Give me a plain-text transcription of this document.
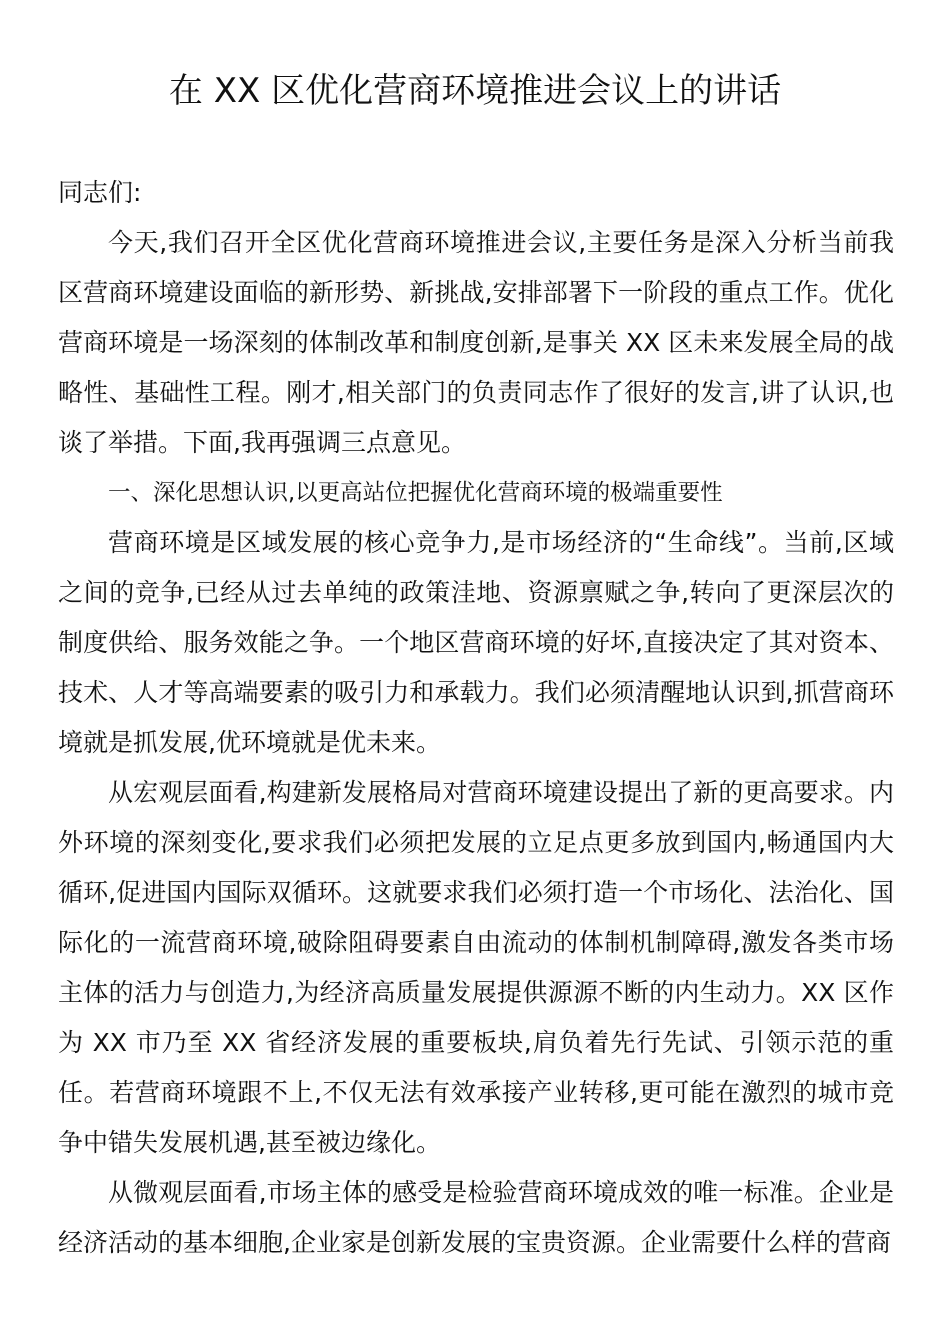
在 XX 区优化营商环境推进会议上的讲话

同志们:

今天,我们召开全区优化营商环境推进会议,主要任务是深入分析当前我区营商环境建设面临的新形势、新挑战,安排部署下一阶段的重点工作。优化营商环境是一场深刻的体制改革和制度创新,是事关 XX 区未来发展全局的战略性、基础性工程。刚才,相关部门的负责同志作了很好的发言,讲了认识,也谈了举措。下面,我再强调三点意见。

一、深化思想认识,以更高站位把握优化营商环境的极端重要性

营商环境是区域发展的核心竞争力,是市场经济的“生命线”。当前,区域之间的竞争,已经从过去单纯的政策洼地、资源禀赋之争,转向了更深层次的制度供给、服务效能之争。一个地区营商环境的好坏,直接决定了其对资本、技术、人才等高端要素的吸引力和承载力。我们必须清醒地认识到,抓营商环境就是抓发展,优环境就是优未来。

从宏观层面看,构建新发展格局对营商环境建设提出了新的更高要求。内外环境的深刻变化,要求我们必须把发展的立足点更多放到国内,畅通国内大循环,促进国内国际双循环。这就要求我们必须打造一个市场化、法治化、国际化的一流营商环境,破除阻碍要素自由流动的体制机制障碍,激发各类市场主体的活力与创造力,为经济高质量发展提供源源不断的内生动力。XX 区作为 XX 市乃至 XX 省经济发展的重要板块,肩负着先行先试、引领示范的重任。若营商环境跟不上,不仅无法有效承接产业转移,更可能在激烈的城市竞争中错失发展机遇,甚至被边缘化。

从微观层面看,市场主体的感受是检验营商环境成效的唯一标准。企业是经济活动的基本细胞,企业家是创新发展的宝贵资源。企业需要什么样的营商
